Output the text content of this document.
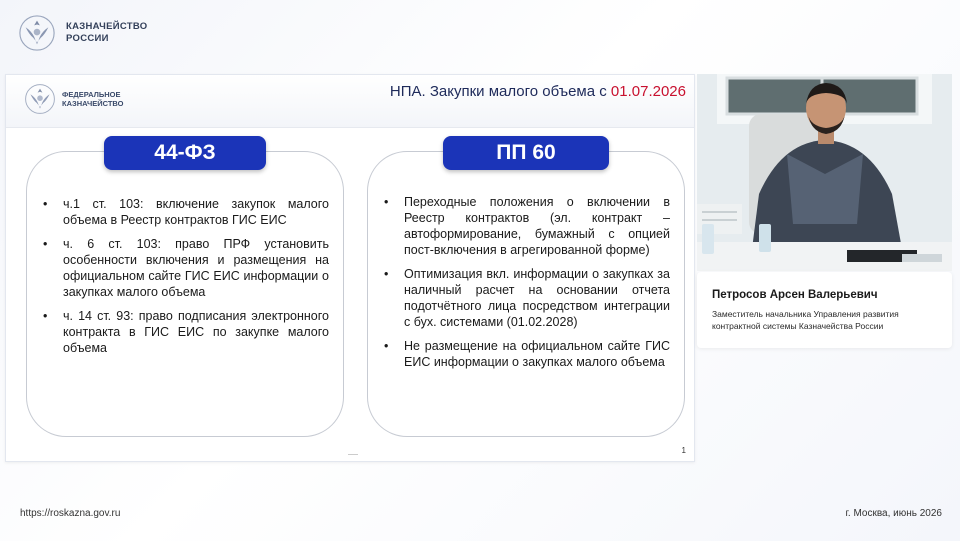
КАЗНАЧЕЙСТВО
РОССИИ
ФЕДЕРАЛЬНОЕ
КАЗНАЧЕЙСТВО
НПА. Закупки малого объема с 01.07.2026
44-ФЗ
• ч.1 ст. 103: включение закупок малого объема в Реестр контрактов ГИС ЕИС
• ч. 6 ст. 103: право ПРФ установить особенности включения и размещения на официальном сайте ГИС ЕИС информации о закупках малого объема
• ч. 14 ст. 93: право подписания электронного контракта в ГИС ЕИС по закупке малого объема
ПП 60
• Переходные положения о включении в Реестр контрактов (эл. контракт – автоформирование, бумажный с опцией пост-включения в агрегированной форме)
• Оптимизация вкл. информации о закупках за наличный расчет на основании отчета подотчётного лица посредством интеграции с бух. системами (01.02.2028)
• Не размещение на официальном сайте ГИС ЕИС информации о закупках малого объема
1
Петросов Арсен Валерьевич
Заместитель начальника Управления развития контрактной системы Казначейства России
https://roskazna.gov.ru	г. Москва, июнь 2026
